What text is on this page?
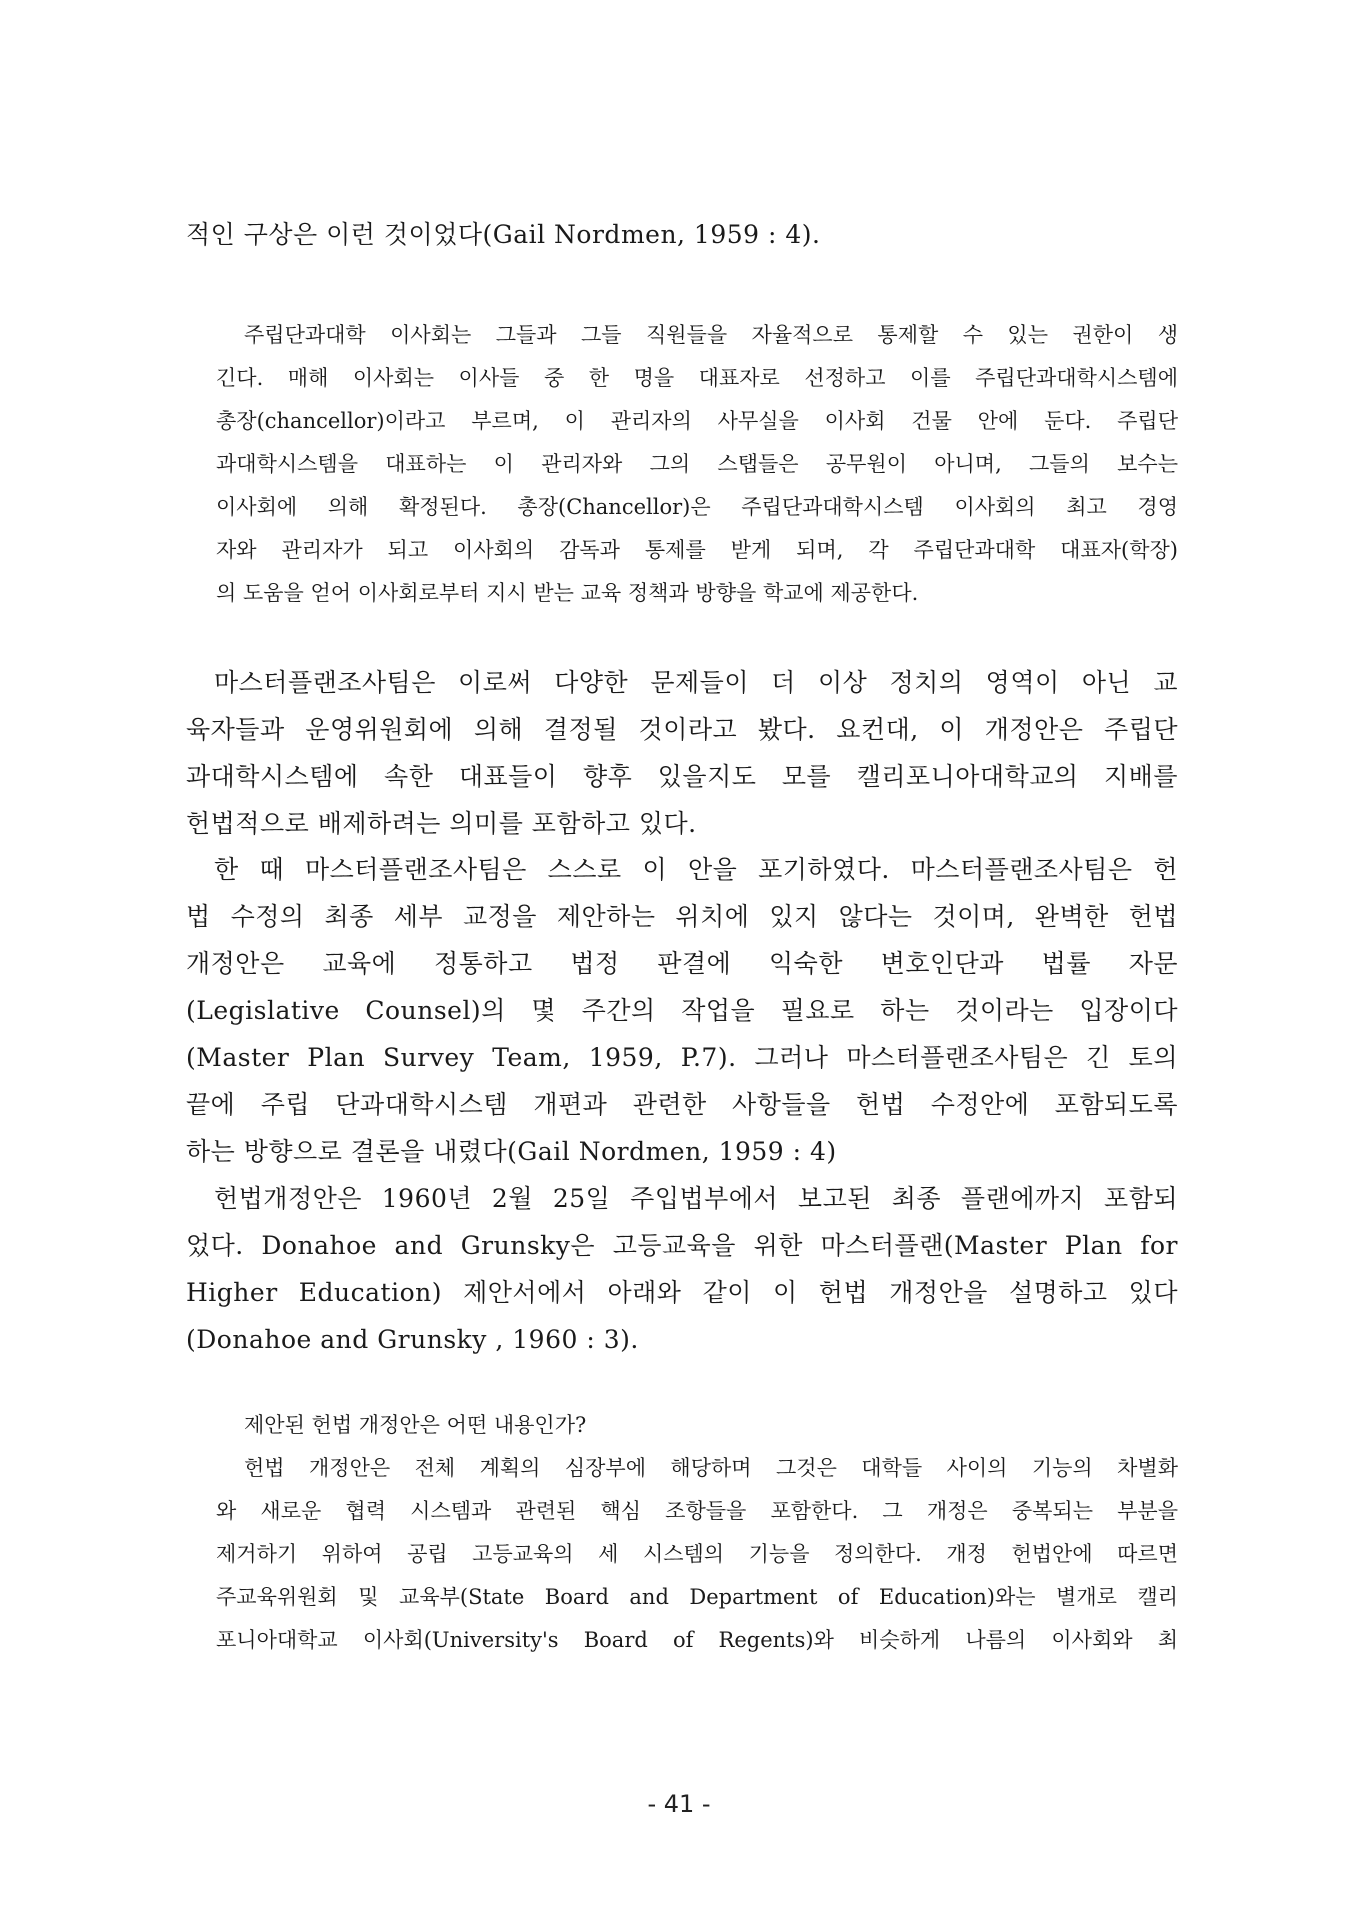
적인 구상은 이런 것이었다(Gail Nordmen, 1959 : 4).
주립단과대학 이사회는 그들과 그들 직원들을 자율적으로 통제할 수 있는 권한이 생
긴다. 매해 이사회는 이사들 중 한 명을 대표자로 선정하고 이를 주립단과대학시스템에
총장(chancellor)이라고 부르며, 이 관리자의 사무실을 이사회 건물 안에 둔다. 주립단
과대학시스템을 대표하는 이 관리자와 그의 스탭들은 공무원이 아니며, 그들의 보수는
이사회에 의해 확정된다. 총장(Chancellor)은 주립단과대학시스템 이사회의 최고 경영
자와 관리자가 되고 이사회의 감독과 통제를 받게 되며, 각 주립단과대학 대표자(학장)
의 도움을 얻어 이사회로부터 지시 받는 교육 정책과 방향을 학교에 제공한다.
마스터플랜조사팀은 이로써 다양한 문제들이 더 이상 정치의 영역이 아닌 교
육자들과 운영위원회에 의해 결정될 것이라고 봤다. 요컨대, 이 개정안은 주립단
과대학시스템에 속한 대표들이 향후 있을지도 모를 캘리포니아대학교의 지배를
헌법적으로 배제하려는 의미를 포함하고 있다.
한 때 마스터플랜조사팀은 스스로 이 안을 포기하였다. 마스터플랜조사팀은 헌
법 수정의 최종 세부 교정을 제안하는 위치에 있지 않다는 것이며, 완벽한 헌법
개정안은 교육에 정통하고 법정 판결에 익숙한 변호인단과 법률 자문
(Legislative Counsel)의 몇 주간의 작업을 필요로 하는 것이라는 입장이다
(Master Plan Survey Team, 1959, P.7). 그러나 마스터플랜조사팀은 긴 토의
끝에 주립 단과대학시스템 개편과 관련한 사항들을 헌법 수정안에 포함되도록
하는 방향으로 결론을 내렸다(Gail Nordmen, 1959 : 4)
헌법개정안은 1960년 2월 25일 주입법부에서 보고된 최종 플랜에까지 포함되
었다. Donahoe and Grunsky은 고등교육을 위한 마스터플랜(Master Plan for
Higher Education) 제안서에서 아래와 같이 이 헌법 개정안을 설명하고 있다
(Donahoe and Grunsky , 1960 : 3).
제안된 헌법 개정안은 어떤 내용인가?
헌법 개정안은 전체 계획의 심장부에 해당하며 그것은 대학들 사이의 기능의 차별화
와 새로운 협력 시스템과 관련된 핵심 조항들을 포함한다. 그 개정은 중복되는 부분을
제거하기 위하여 공립 고등교육의 세 시스템의 기능을 정의한다. 개정 헌법안에 따르면
주교육위원회 및 교육부(State Board and Department of Education)와는 별개로 캘리
포니아대학교 이사회(University's Board of Regents)와 비슷하게 나름의 이사회와 최
- 41 -
